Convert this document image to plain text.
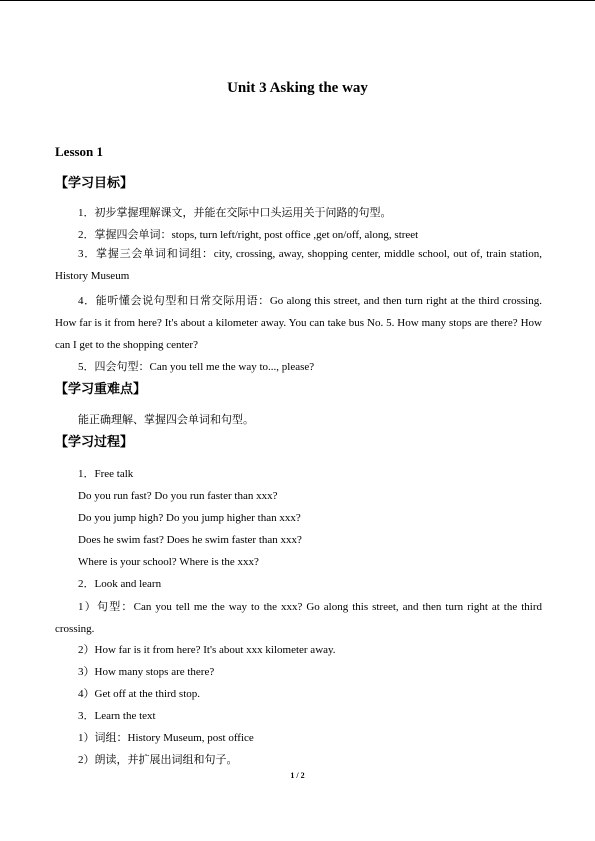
Unit 3 Asking the way
Lesson 1
【学习目标】
1．初步掌握理解课文，并能在交际中口头运用关于问路的句型。
2．掌握四会单词：stops, turn left/right, post office ,get on/off, along, street
3．掌握三会单词和词组：city, crossing, away, shopping center, middle school, out of, train station, History Museum
4．能听懂会说句型和日常交际用语：Go along this street, and then turn right at the third crossing. How far is it from here? It's about a kilometer away. You can take bus No. 5. How many stops are there? How can I get to the shopping center?
5．四会句型：Can you tell me the way to..., please?
【学习重难点】
能正确理解、掌握四会单词和句型。
【学习过程】
1．Free talk
Do you run fast? Do you run faster than xxx?
Do you jump high? Do you jump higher than xxx?
Does he swim fast? Does he swim faster than xxx?
Where is your school? Where is the xxx?
2．Look and learn
1）句型：Can you tell me the way to the xxx? Go along this street, and then turn right at the third crossing.
2）How far is it from here? It's about xxx kilometer away.
3）How many stops are there?
4）Get off at the third stop.
3．Learn the text
1）词组：History Museum, post office
2）朗读，并扩展出词组和句子。
1 / 2
